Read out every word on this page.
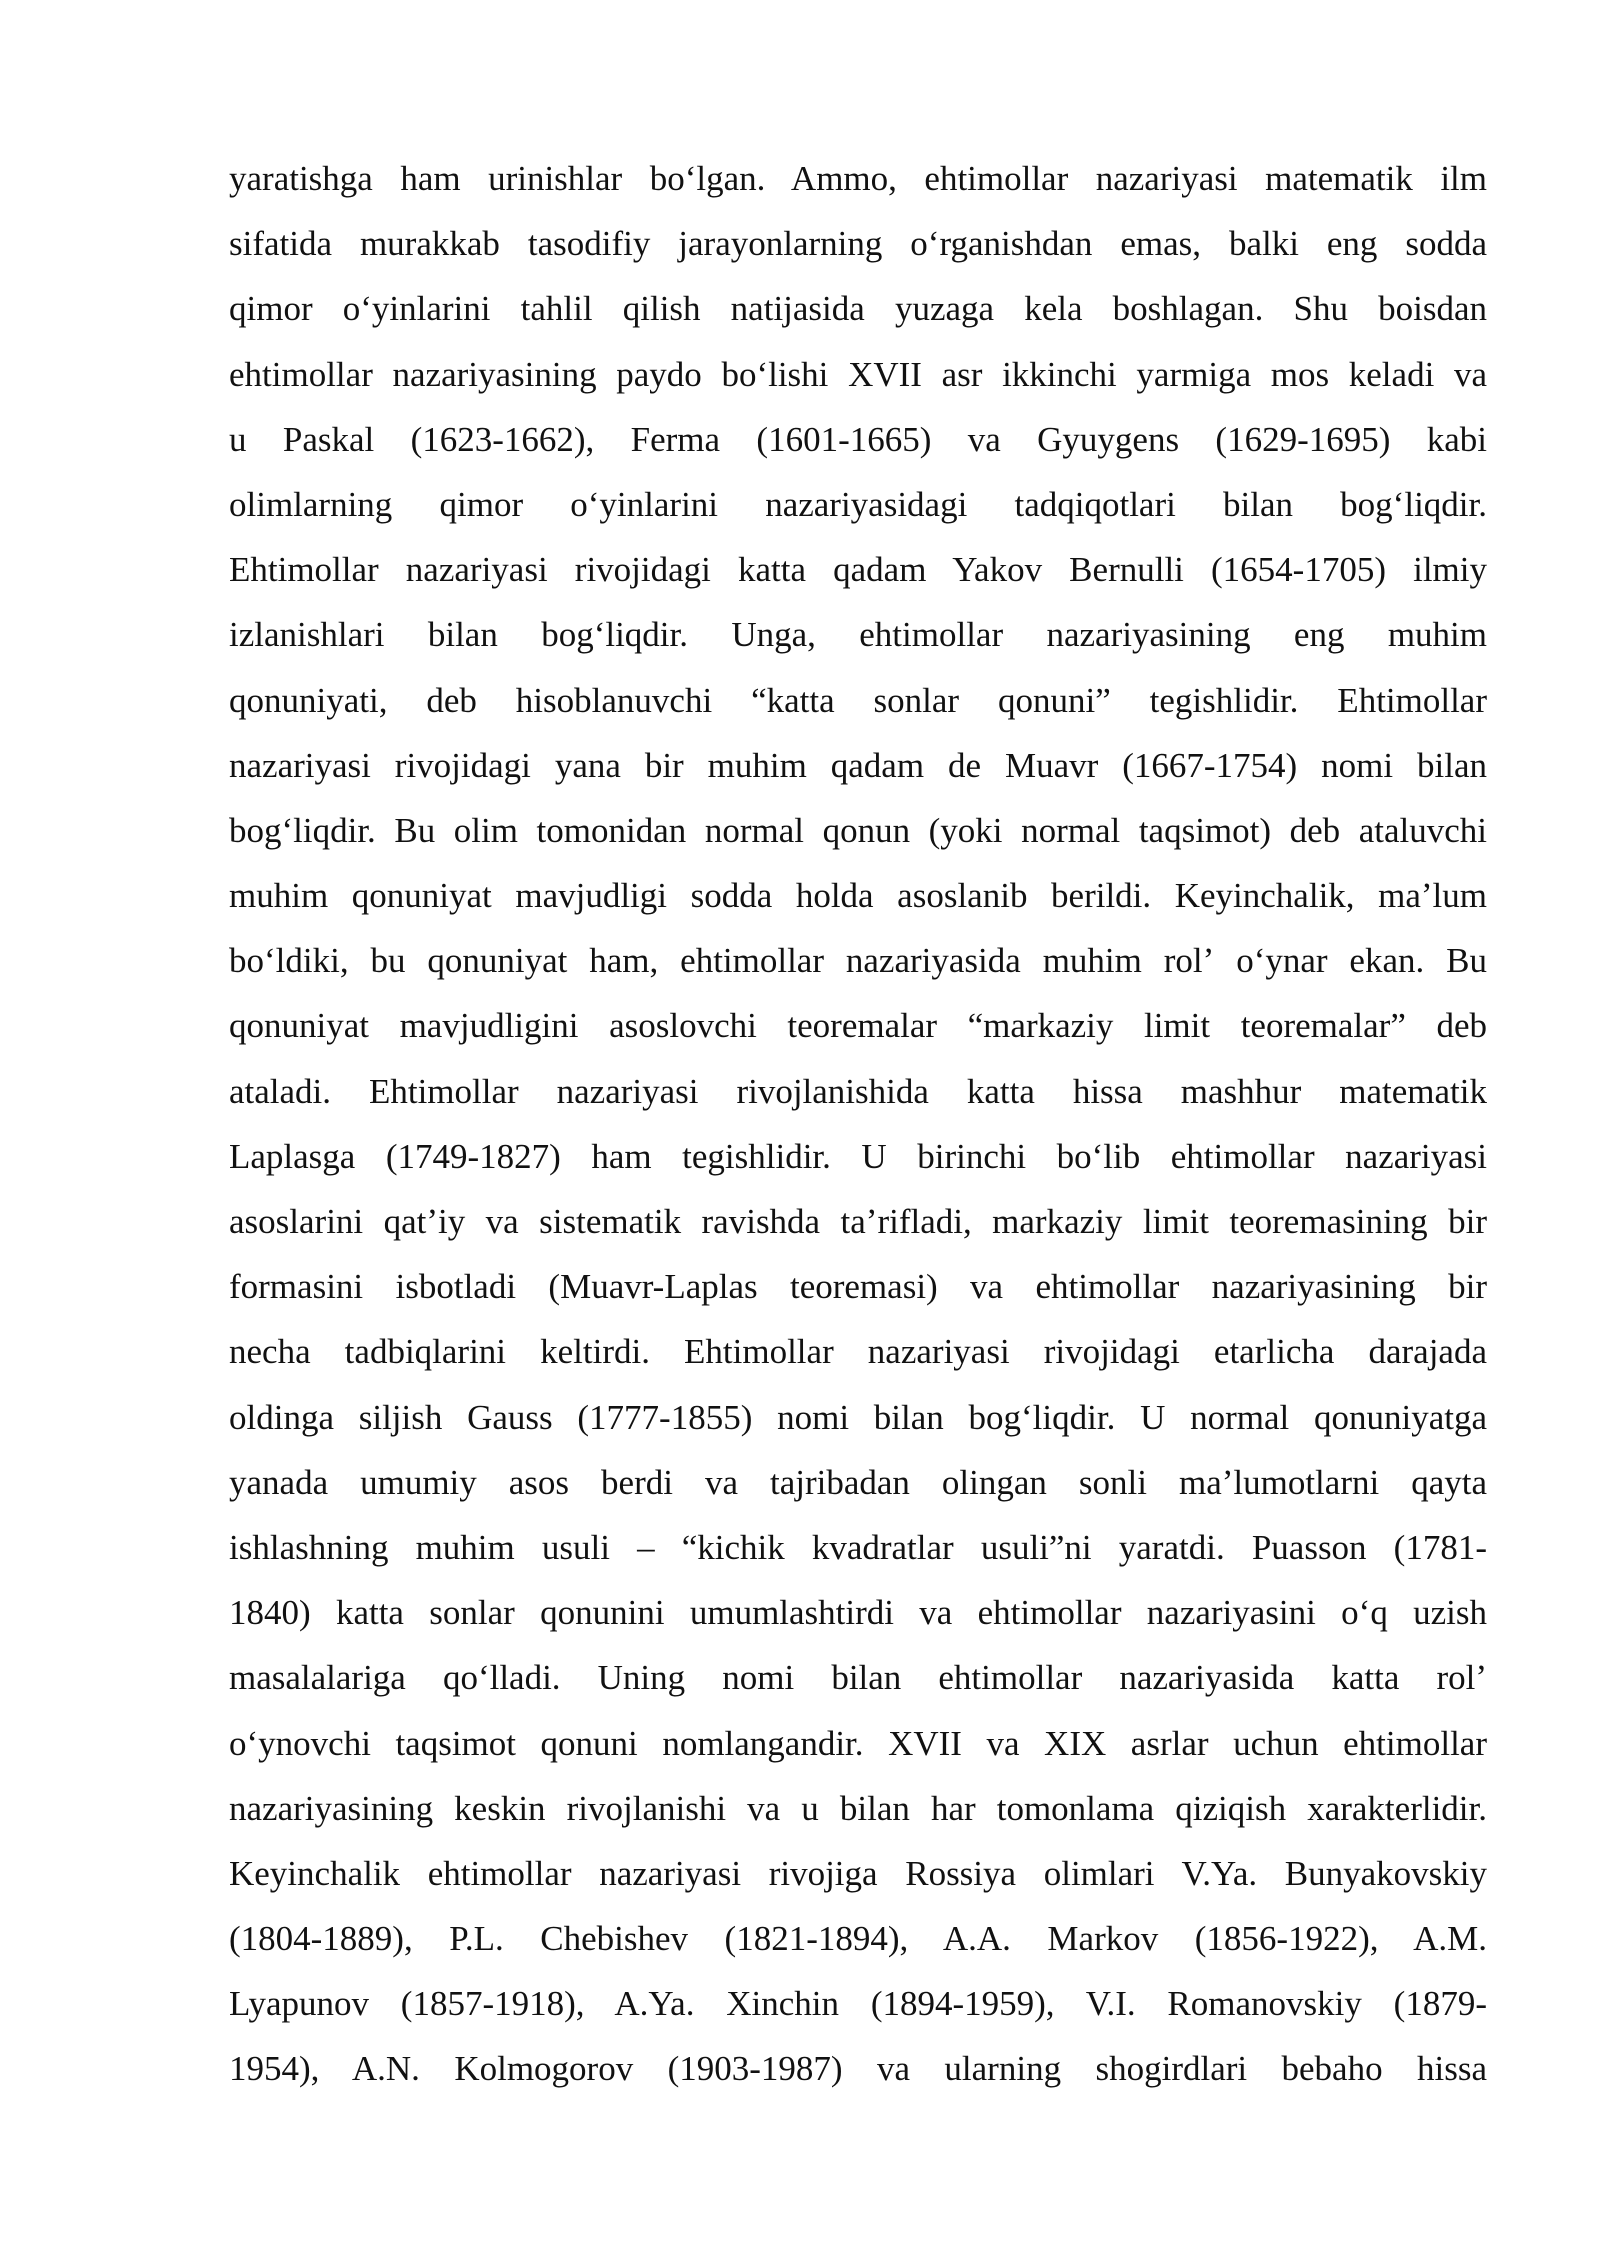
yaratishga ham urinishlar boʻlgan. Ammo, ehtimollar nazariyasi matematik ilm
sifatida murakkab tasodifiy jarayonlarning oʻrganishdan emas, balki eng sodda
qimor oʻyinlarini tahlil qilish natijasida yuzaga kela boshlagan. Shu boisdan
ehtimollar nazariyasining paydo boʻlishi XVII asr ikkinchi yarmiga mos keladi va
u Paskal (1623-1662), Ferma (1601-1665) va Gyuygens (1629-1695) kabi
olimlarning qimor oʻyinlarini nazariyasidagi tadqiqotlari bilan bogʻliqdir.
Ehtimollar nazariyasi rivojidagi katta qadam Yakov Bernulli (1654-1705) ilmiy
izlanishlari bilan bogʻliqdir. Unga, ehtimollar nazariyasining eng muhim
qonuniyati, deb hisoblanuvchi “katta sonlar qonuni” tegishlidir. Ehtimollar
nazariyasi rivojidagi yana bir muhim qadam de Muavr (1667-1754) nomi bilan
bogʻliqdir. Bu olim tomonidan normal qonun (yoki normal taqsimot) deb ataluvchi
muhim qonuniyat mavjudligi sodda holda asoslanib berildi. Keyinchalik, maʼlum
boʻldiki, bu qonuniyat ham, ehtimollar nazariyasida muhim rolʼ oʻynar ekan. Bu
qonuniyat mavjudligini asoslovchi teoremalar “markaziy limit teoremalar” deb
ataladi. Ehtimollar nazariyasi rivojlanishida katta hissa mashhur matematik
Laplasga (1749-1827) ham tegishlidir. U birinchi boʻlib ehtimollar nazariyasi
asoslarini qatʼiy va sistematik ravishda taʼrifladi, markaziy limit teoremasining bir
formasini isbotladi (Muavr-Laplas teoremasi) va ehtimollar nazariyasining bir
necha tadbiqlarini keltirdi. Ehtimollar nazariyasi rivojidagi etarlicha darajada
oldinga siljish Gauss (1777-1855) nomi bilan bogʻliqdir. U normal qonuniyatga
yanada umumiy asos berdi va tajribadan olingan sonli maʼlumotlarni qayta
ishlashning muhim usuli – “kichik kvadratlar usuli”ni yaratdi. Puasson (1781-
1840) katta sonlar qonunini umumlashtirdi va ehtimollar nazariyasini oʻq uzish
masalalariga qoʻlladi. Uning nomi bilan ehtimollar nazariyasida katta rolʼ
oʻynovchi taqsimot qonuni nomlangandir. XVII va XIX asrlar uchun ehtimollar
nazariyasining keskin rivojlanishi va u bilan har tomonlama qiziqish xarakterlidir.
Keyinchalik ehtimollar nazariyasi rivojiga Rossiya olimlari V.Ya. Bunyakovskiy
(1804-1889), P.L. Chebishev (1821-1894), A.A. Markov (1856-1922), A.M.
Lyapunov (1857-1918), A.Ya. Xinchin (1894-1959), V.I. Romanovskiy (1879-
1954), A.N. Kolmogorov (1903-1987) va ularning shogirdlari bebaho hissa
